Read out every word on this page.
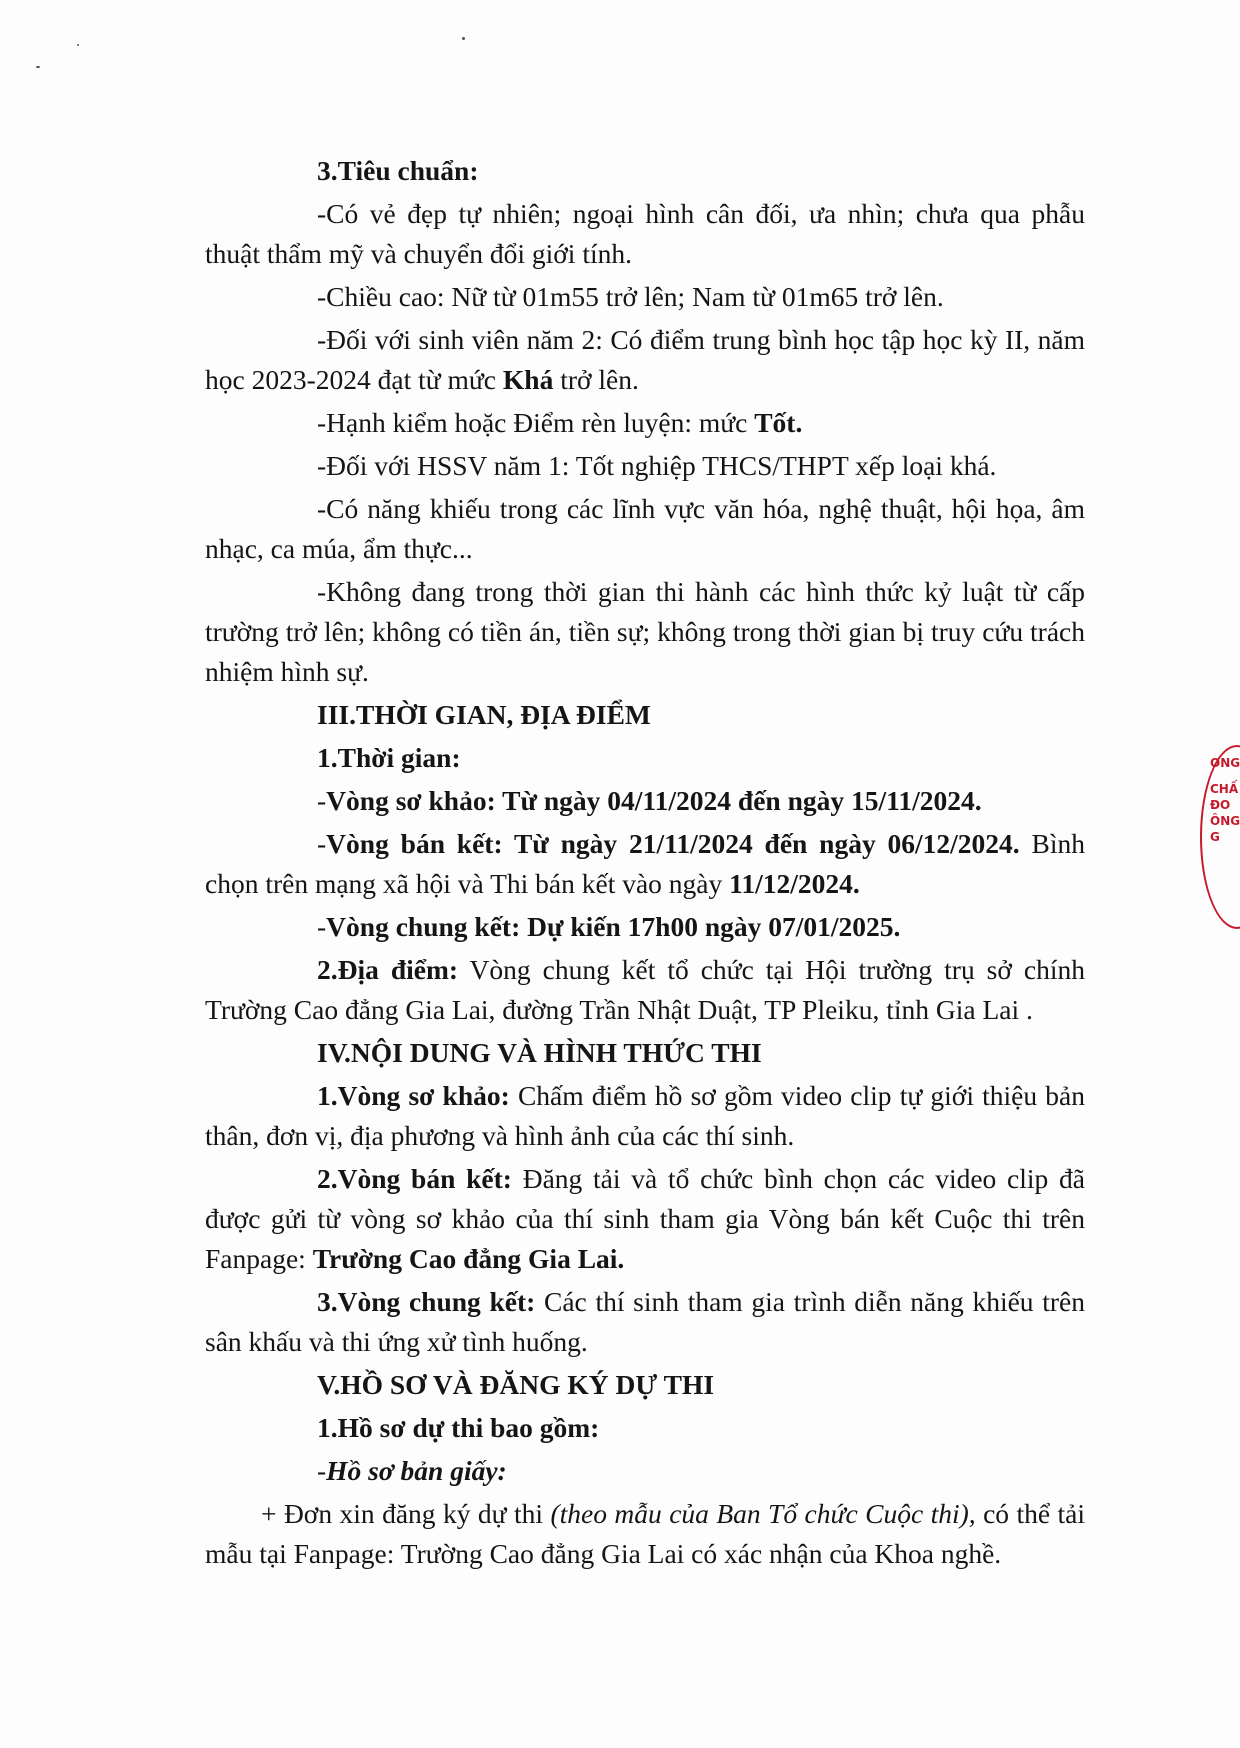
3.Tiêu chuẩn:

-Có vẻ đẹp tự nhiên; ngoại hình cân đối, ưa nhìn; chưa qua phẫu thuật thẩm mỹ và chuyển đổi giới tính.

-Chiều cao: Nữ từ 01m55 trở lên; Nam từ 01m65 trở lên.

-Đối với sinh viên năm 2: Có điểm trung bình học tập học kỳ II, năm học 2023-2024 đạt từ mức Khá trở lên.

-Hạnh kiểm hoặc Điểm rèn luyện: mức Tốt.

-Đối với HSSV năm 1: Tốt nghiệp THCS/THPT xếp loại khá.

-Có năng khiếu trong các lĩnh vực văn hóa, nghệ thuật, hội họa, âm nhạc, ca múa, ẩm thực...

-Không đang trong thời gian thi hành các hình thức kỷ luật từ cấp trường trở lên; không có tiền án, tiền sự; không trong thời gian bị truy cứu trách nhiệm hình sự.

III.THỜI GIAN, ĐỊA ĐIỂM

1.Thời gian:

-Vòng sơ khảo: Từ ngày 04/11/2024 đến ngày 15/11/2024.

-Vòng bán kết: Từ ngày 21/11/2024 đến ngày 06/12/2024. Bình chọn trên mạng xã hội và Thi bán kết vào ngày 11/12/2024.

-Vòng chung kết: Dự kiến 17h00 ngày 07/01/2025.

2.Địa điểm: Vòng chung kết tổ chức tại Hội trường trụ sở chính Trường Cao đẳng Gia Lai, đường Trần Nhật Duật, TP Pleiku, tỉnh Gia Lai .

IV.NỘI DUNG VÀ HÌNH THỨC THI

1.Vòng sơ khảo: Chấm điểm hồ sơ gồm video clip tự giới thiệu bản thân, đơn vị, địa phương và hình ảnh của các thí sinh.

2.Vòng bán kết: Đăng tải và tổ chức bình chọn các video clip đã được gửi từ vòng sơ khảo của thí sinh tham gia Vòng bán kết Cuộc thi trên Fanpage: Trường Cao đẳng Gia Lai.

3.Vòng chung kết: Các thí sinh tham gia trình diễn năng khiếu trên sân khấu và thi ứng xử tình huống.

V.HỒ SƠ VÀ ĐĂNG KÝ DỰ THI

1.Hồ sơ dự thi bao gồm:

-Hồ sơ bản giấy:

+ Đơn xin đăng ký dự thi (theo mẫu của Ban Tổ chức Cuộc thi), có thể tải mẫu tại Fanpage: Trường Cao đẳng Gia Lai có xác nhận của Khoa nghề.

ONG
CHẤ
ĐO
ÔNG
G
